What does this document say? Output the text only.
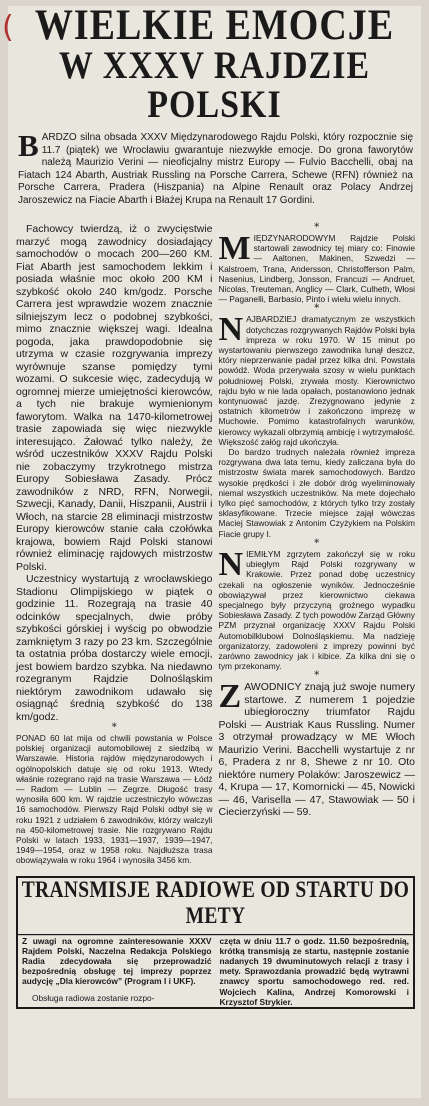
( WIELKIE EMOCJE
W XXXV RAJDZIE POLSKI
BARDZO silna obsada XXXV Międzynarodowego Rajdu Polski, który rozpocznie się 11.7 (piątek) we Wrocławiu gwarantuje niezwykłe emocje. Do grona faworytów należą Maurizio Verini — nieoficjalny mistrz Europy — Fulvio Bacchelli, obaj na Fiatach 124 Abarth, Austriak Russling na Porsche Carrera, Schewe (RFN) również na Porsche Carrera, Pradera (Hiszpania) na Alpine Renault oraz Polacy Andrzej Jaroszewicz na Fiacie Abarth i Błażej Krupa na Renault 17 Gordini.

Fachowcy twierdzą, iż o zwycięstwie marzyć mogą zawodnicy dosiadający samochodów o mocach 200—260 KM. Fiat Abarth jest samochodem lekkim i posiada właśnie moc około 200 KM i szybkość około 240 km/godz. Porsche Carrera jest wprawdzie wozem znacznie silniejszym lecz o podobnej szybkości, mimo znacznie większej wagi. Idealna pogoda, jaka prawdopodobnie się utrzyma w czasie rozgrywania imprezy wyrównuje szanse pomiędzy tymi wozami. O sukcesie więc, zadecydują w ogromnej mierze umiejętności kierowców, a tych nie brakuje wymienionym faworytom. Walka na 1470-kilometrowej trasie zapowiada się więc niezwykle interesująco. Żałować tylko należy, że wśród uczestników XXXV Rajdu Polski nie zobaczymy trzykrotnego mistrza Europy Sobiesława Zasady. Prócz zawodników z NRD, RFN, Norwegii, Szwecji, Kanady, Danii, Hiszpanii, Austrii i Włoch, na starcie 28 eliminacji mistrzostw Europy kierowców stanie cała czołówka krajowa, bowiem Rajd Polski stanowi również eliminację rajdowych mistrzostw Polski.

Uczestnicy wystartują z wrocławskiego Stadionu Olimpijskiego w piątek o godzinie 11. Rozegrają na trasie 40 odcinków specjalnych, dwie próby szybkości górskiej i wyścig po obwodzie zamkniętym 3 razy po 23 km. Szczególnie ta ostatnia próba dostarczy wiele emocji, jest bowiem bardzo szybka. Na niedawno rozegranym Rajdzie Dolnośląskim niektórym zawodnikom udawało się osiągnąć średnią szybkość do 138 km/godz.

*

PONAD 60 lat mija od chwili powstania w Polsce polskiej organizacji automobilowej z siedzibą w Warszawie. Historia rajdów międzynarodowych i ogólnopolskich datuje się od roku 1913. Wtedy właśnie rozegrano rajd na trasie Warszawa — Łódź — Radom — Lublin — Zegrze. Długość trasy wynosiła 600 km. W rajdzie uczestniczyło wówczas 16 samochodów. Pierwszy Rajd Polski odbył się w roku 1921 z udziałem 6 zawodników, którzy walczyli na 450-kilometrowej trasie. Nie rozgrywano Rajdu Polski w latach 1933, 1931—1937, 1939—1947, 1949—1954, oraz w 1958 roku. Najdłuższa trasa obowiązywała w roku 1964 i wynosiła 3456 km.

*

MIĘDZYNARODOWYM Rajdzie Polski startowali zawodnicy tej miary co: Finowie — Aaltonen, Makinen, Szwedzi — Kalstroem, Trana, Andersson, Christofferson Palm, Nasenius, Lindberg, Jonsson, Francuzi — Andruet, Nicolas, Treuteman, Anglicy — Clark, Culheth, Włosi — Paganelli, Barbasio, Pinto i wielu wielu innych.

*

NAJBARDZIEJ dramatycznym ze wszystkich dotychczas rozgrywanych Rajdów Polski była impreza w roku 1970. W 15 minut po wystartowaniu pierwszego zawodnika lunął deszcz, który nieprzerwanie padał przez kilka dni. Powstała powódź. Woda przerywała szosy w wielu punktach południowej Polski, zrywała mosty. Kierownictwo rajdu było w nie lada opałach, postanowiono jednak kontynuować jazdę. Zrezygnowano jedynie z ostatnich kilometrów i zakończono imprezę w Muchowie. Pomimo katastrofalnych warunków, kierowcy wykazali olbrzymią ambicję i wytrzymałość. Większość załóg rajd ukończyła.

Do bardzo trudnych należała również impreza rozgrywana dwa lata temu, kiedy zaliczana była do mistrzostw świata marek samochodowych. Bardzo wysokie prędkości i złe dobór dróg wyeliminowały niemal wszystkich uczestników. Na mete dojechało tylko pięć samochodów, z których tylko trzy zostały sklasyfikowane. Trzecie miejsce zajął wówczas Maciej Stawowiak z Antonim Czyżykiem na Polskim Fiacie grupy I.

*

NIEMIŁYM zgrzytem zakończył się w roku ubiegłym Rajd Polski rozgrywany w Krakowie. Przez ponad dobę uczestnicy czekali na ogłoszenie wyników. Jednocześnie obowiązywał przez kierownictwo ciekawa specjalnego były przyczyną grożnego wypadku Sobiesława Zasady. Z tych powodów Zarząd Główny PZM przyznał organizację XXXV Rajdu Polski Automobilklubowi Dolnośląskiemu. Ma nadzieję organizatorzy, zadowoleni z imprezy powinni być zarówno zawodnicy jak i kibice. Za kilka dni się o tym przekonamy.

*

ZAWODNICY znają już swoje numery startowe. Z numerem 1 pojedzie ubiegłoroczny triumfator Rajdu Polski — Austriak Kaus Russling. Numer 3 otrzymał prowadzący w ME Włoch Maurizio Verini. Bacchelli wystartuje z nr 6, Pradera z nr 8, Shewe z nr 10. Oto niektóre numery Polaków: Jaroszewicz — 4, Krupa — 17, Komornicki — 45, Nowicki — 46, Varisella — 47, Stawowiak — 50 i Ciecierzyński — 59.

TRANSMISJE RADIOWE OD STARTU DO METY

Z uwagi na ogromne zainteresowanie XXXV Rajdem Polski, Naczelna Redakcja Polskiego Radia zdecydowała się przeprowadzić bezpośrednią obsługę tej imprezy poprzez audycję „Dla kierowców” (Program I i UKF).

Obsługa radiowa zostanie rozpo-

częta w dniu 11.7 o godz. 11.50 bezpośrednią, krótką transmisją ze startu, następnie zostanie nadanych 19 dwuminutowych relacji z trasy i mety. Sprawozdania prowadzić będą wytrawni znawcy sportu samochodowego red. red. Wojciech Kalina, Andrzej Komorowski i Krzysztof Strykier.
